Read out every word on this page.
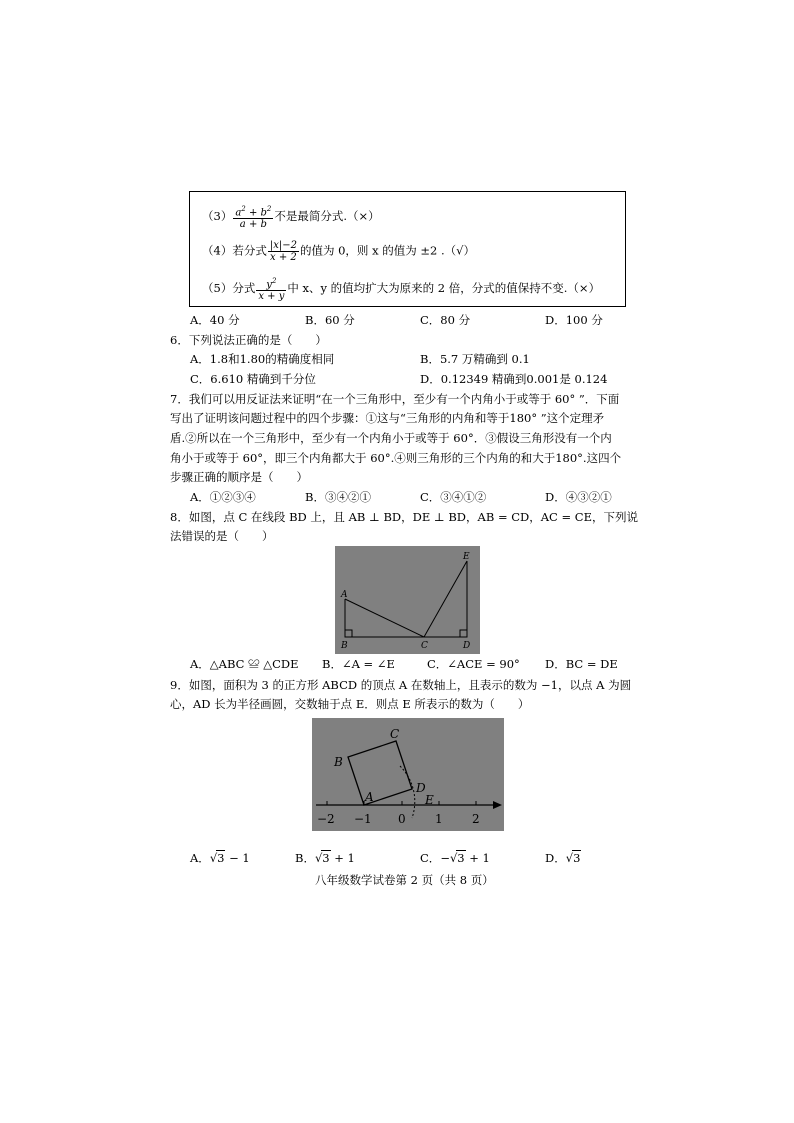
$(3) \frac{a^2 + b^2}{a + b}$ 不是最简分式.（×）
（4）若分式 $\frac{|x|-2}{x + 2}$ 的值为 0，则 x 的值为 ±2 .（√）
（5）分式 $\frac{y^2}{x + y}$ 中 x、y 的值均扩大为原来的 2 倍，分式的值保持不变.（×）
A．40 分	B．60 分	C．80 分	D．100 分
6．下列说法正确的是（　　）
A．1.8和1.80的精确度相同	B．5.7 万精确到 0.1
C．6.610 精确到千分位	D．0.12349 精确到0.001是 0.124
7．我们可以用反证法来证明“在一个三角形中，至少有一个内角小于或等于 60° ”．下面
写出了证明该问题过程中的四个步骤：①这与“三角形的内角和等于180° ”这个定理矛
盾.②所以在一个三角形中，至少有一个内角小于或等于 60°．③假设三角形没有一个内
角小于或等于 60°，即三个内角都大于 60°.④则三角形的三个内角的和大于180°.这四个
步骤正确的顺序是（　　）
A．①②③④	B．③④②①	C．③④①②	D．④③②①
8．如图，点 C 在线段 BD 上，且 AB ⊥ BD，DE ⊥ BD，AB = CD，AC = CE，下列说
法错误的是（　　）
A
B	C	D
E
A．△ABC ≌ △CDE B．∠A = ∠E	C．∠ACE = 90° D．BC = DE
9．如图，面积为 3 的正方形 ABCD 的顶点 A 在数轴上，且表示的数为 −1，以点 A 为圆
心，AD 长为半径画圆，交数轴于点 E．则点 E 所表示的数为（　　）
A
B
C
D
E
−2 −1 0 1 2
A．√3 − 1	B．√3 + 1	C．−√3 + 1	D．√3
八年级数学试卷第 2 页（共 8 页）
